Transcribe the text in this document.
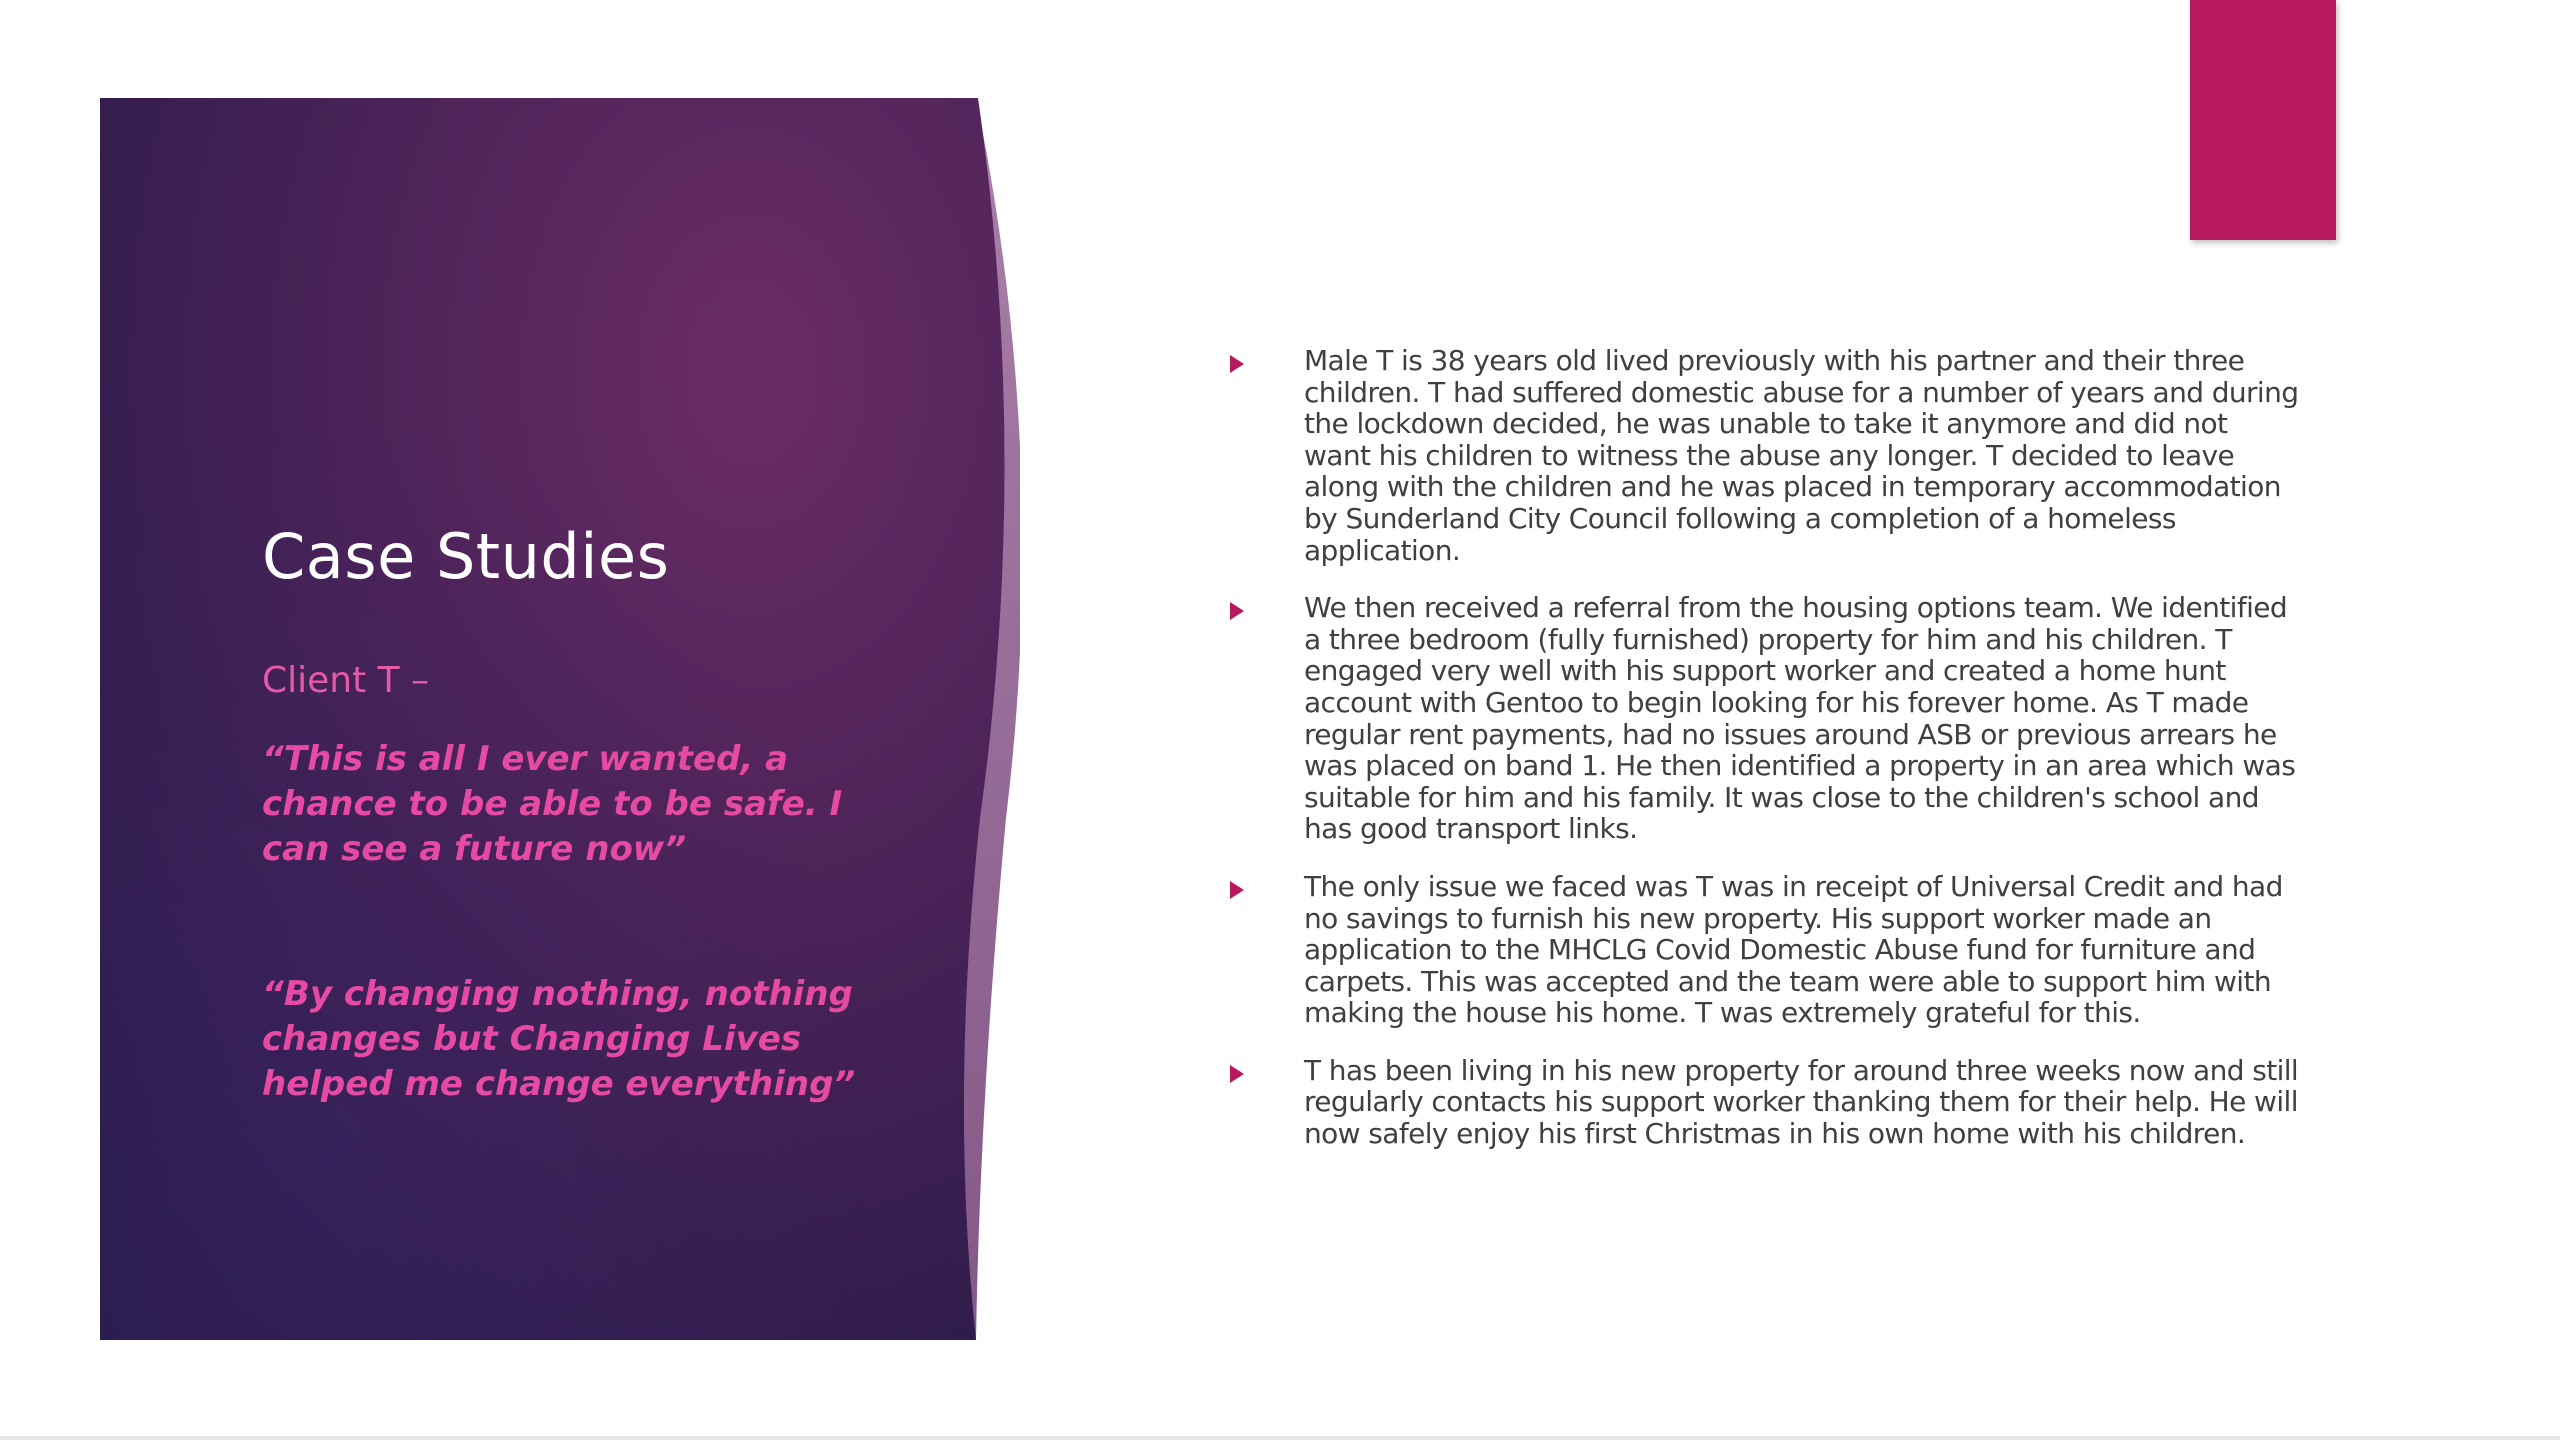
Case Studies

Client T –

“This is all I ever wanted, a chance to be able to be safe. I can see a future now”

“By changing nothing, nothing changes but Changing Lives helped me change everything”

Male T is 38 years old lived previously with his partner and their three children. T had suffered domestic abuse for a number of years and during the lockdown decided, he was unable to take it anymore and did not want his children to witness the abuse any longer. T decided to leave along with the children and he was placed in temporary accommodation by Sunderland City Council following a completion of a homeless application.

We then received a referral from the housing options team. We identified a three bedroom (fully furnished) property for him and his children. T engaged very well with his support worker and created a home hunt account with Gentoo to begin looking for his forever home. As T made regular rent payments, had no issues around ASB or previous arrears he was placed on band 1. He then identified a property in an area which was suitable for him and his family. It was close to the children's school and has good transport links.

The only issue we faced was T was in receipt of Universal Credit and had no savings to furnish his new property. His support worker made an application to the MHCLG Covid Domestic Abuse fund for furniture and carpets. This was accepted and the team were able to support him with making the house his home. T was extremely grateful for this.

T has been living in his new property for around three weeks now and still regularly contacts his support worker thanking them for their help. He will now safely enjoy his first Christmas in his own home with his children.
